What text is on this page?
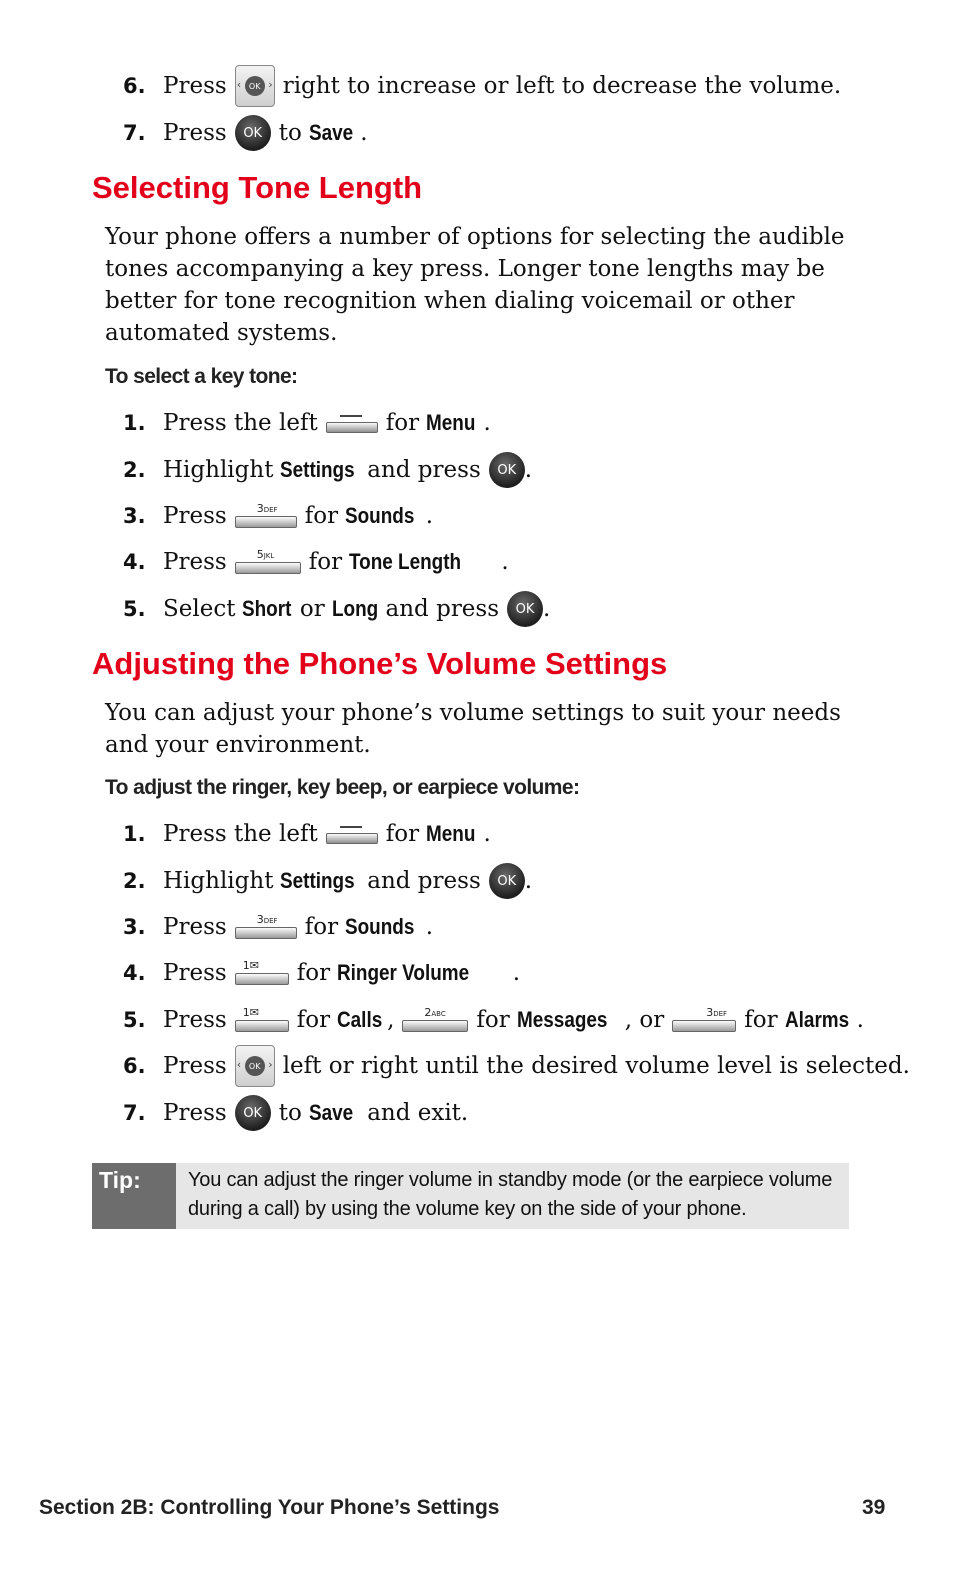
6. Press ‹ OK › right to increase or left to decrease the volume.
7. Press	OK to Save .
Selecting Tone Length
Your phone offers a number of options for selecting the audible tones accompanying a key press. Longer tone lengths may be better for tone recognition when dialing voicemail or other automated systems.
To select a key tone:
1. Press the left	for Menu .
2. Highlight Settings and press	OK .
3. Press	3DEF for Sounds .
4. Press	5JKL for Tone Length .
5. Select Short or Long and press	OK .
Adjusting the Phone’s Volume Settings
You can adjust your phone’s volume settings to suit your needs and your environment.
To adjust the ringer, key beep, or earpiece volume:
1. Press the left	for Menu .
2. Highlight Settings and press	OK .
3. Press	3DEF for Sounds .
4. Press 1✉ for Ringer Volume .
5. Press 1✉ for Calls ,	2ABC for Messages , or	3DEF for Alarms .
6. Press ‹ OK › left or right until the desired volume level is selected.
7. Press	OK to Save and exit.
Tip: You can adjust the ringer volume in standby mode (or the earpiece volume during a call) by using the volume key on the side of your phone.
Section 2B: Controlling Your Phone’s Settings	39
